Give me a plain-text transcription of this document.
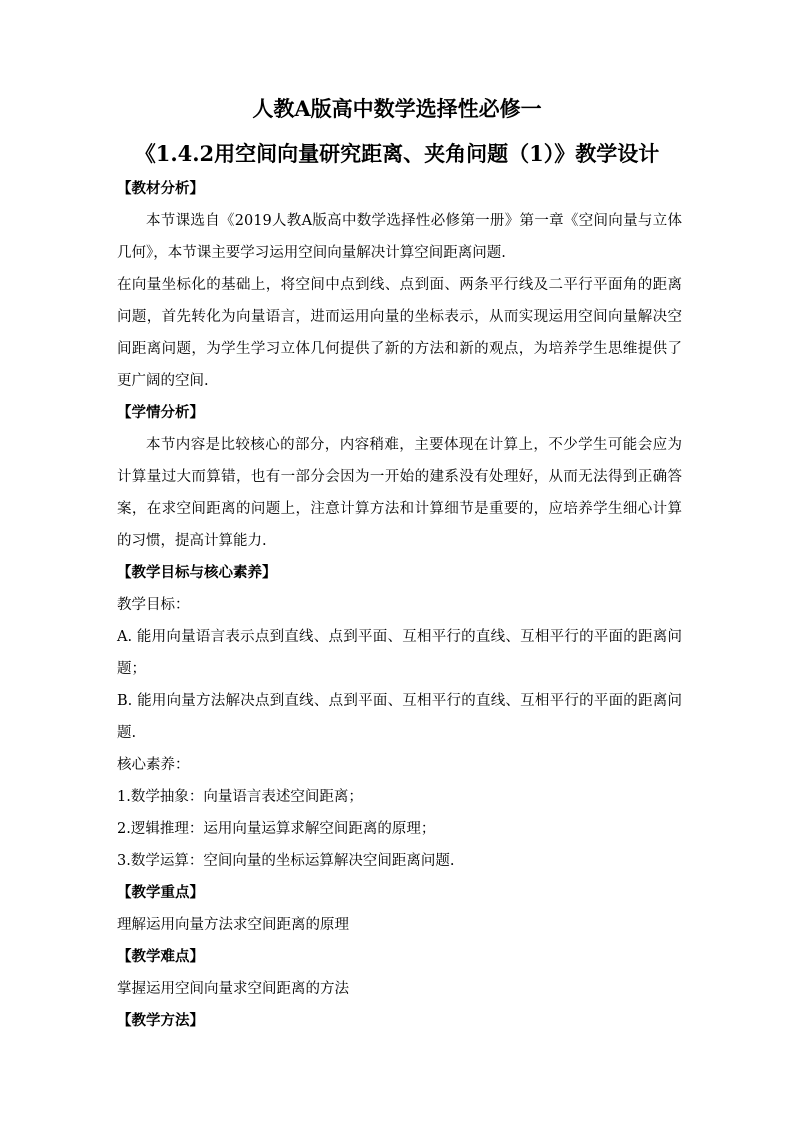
人教A版高中数学选择性必修一
《1.4.2用空间向量研究距离、夹角问题（1）》教学设计

【教材分析】

本节课选自《2019人教A版高中数学选择性必修第一册》第一章《空间向量与立体几何》，本节课主要学习运用空间向量解决计算空间距离问题.

在向量坐标化的基础上，将空间中点到线、点到面、两条平行线及二平行平面角的距离问题，首先转化为向量语言，进而运用向量的坐标表示，从而实现运用空间向量解决空间距离问题，为学生学习立体几何提供了新的方法和新的观点，为培养学生思维提供了更广阔的空间.

【学情分析】

本节内容是比较核心的部分，内容稍难，主要体现在计算上，不少学生可能会应为计算量过大而算错，也有一部分会因为一开始的建系没有处理好，从而无法得到正确答案，在求空间距离的问题上，注意计算方法和计算细节是重要的，应培养学生细心计算的习惯，提高计算能力.

【教学目标与核心素养】

教学目标：

A. 能用向量语言表示点到直线、点到平面、互相平行的直线、互相平行的平面的距离问题；

B. 能用向量方法解决点到直线、点到平面、互相平行的直线、互相平行的平面的距离问题.

核心素养：

1.数学抽象：向量语言表述空间距离；

2.逻辑推理：运用向量运算求解空间距离的原理；

3.数学运算：空间向量的坐标运算解决空间距离问题.

【教学重点】

理解运用向量方法求空间距离的原理

【教学难点】

掌握运用空间向量求空间距离的方法

【教学方法】
